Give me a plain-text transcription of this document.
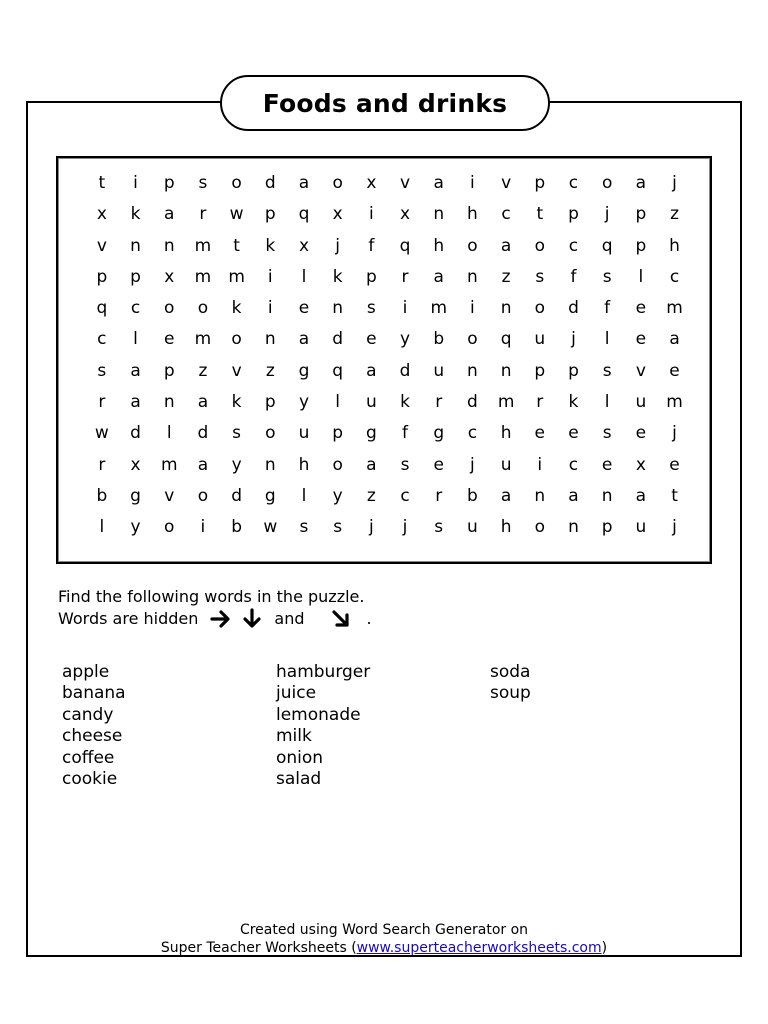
Foods and drinks
t	i	p	s	o	d	a	o	x	v	a	i	v	p	c	o	a	j
x	k	a	r	w	p	q	x	i	x	n	h	c	t	p	j	p	z
v	n	n	m	t	k	x	j	f	q	h	o	a	o	c	q	p	h
p	p	x	m	m	i	l	k	p	r	a	n	z	s	f	s	l	c
q	c	o	o	k	i	e	n	s	i	m	i	n	o	d	f	e	m
c	l	e	m	o	n	a	d	e	y	b	o	q	u	j	l	e	a
s	a	p	z	v	z	g	q	a	d	u	n	n	p	p	s	v	e
r	a	n	a	k	p	y	l	u	k	r	d	m	r	k	l	u	m
w	d	l	d	s	o	u	p	g	f	g	c	h	e	e	s	e	j
r	x	m	a	y	n	h	o	a	s	e	j	u	i	c	e	x	e
b	g	v	o	d	g	l	y	z	c	r	b	a	n	a	n	a	t
l	y	o	i	b	w	s	s	j	j	s	u	h	o	n	p	u	j
Find the following words in the puzzle.
Words are hidden	and	.
apple
banana
candy
cheese
coffee
cookie
hamburger
juice
lemonade
milk
onion
salad
soda
soup
Created using Word Search Generator on
Super Teacher Worksheets (www.superteacherworksheets.com)
